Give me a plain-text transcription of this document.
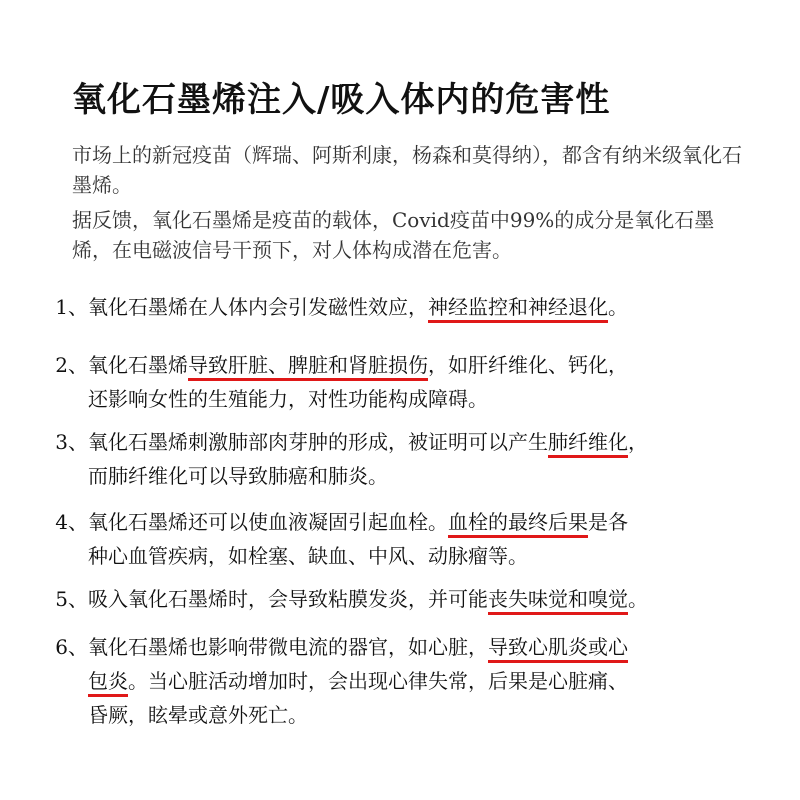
氧化石墨烯注入/吸入体内的危害性
市场上的新冠疫苗（辉瑞、阿斯利康，杨森和莫得纳），都含有纳米级氧化石墨烯。
据反馈，氧化石墨烯是疫苗的载体，Covid疫苗中99%的成分是氧化石墨烯，在电磁波信号干预下，对人体构成潜在危害。
1、氧化石墨烯在人体内会引发磁性效应，神经监控和神经退化。
2、氧化石墨烯导致肝脏、脾脏和肾脏损伤，如肝纤维化、钙化，
还影响女性的生殖能力，对性功能构成障碍。
3、氧化石墨烯刺激肺部肉芽肿的形成，被证明可以产生肺纤维化，
而肺纤维化可以导致肺癌和肺炎。
4、氧化石墨烯还可以使血液凝固引起血栓。血栓的最终后果是各
种心血管疾病，如栓塞、缺血、中风、动脉瘤等。
5、吸入氧化石墨烯时，会导致粘膜发炎，并可能丧失味觉和嗅觉。
6、氧化石墨烯也影响带微电流的器官，如心脏，导致心肌炎或心
包炎。当心脏活动增加时，会出现心律失常，后果是心脏痛、
昏厥，眩晕或意外死亡。
